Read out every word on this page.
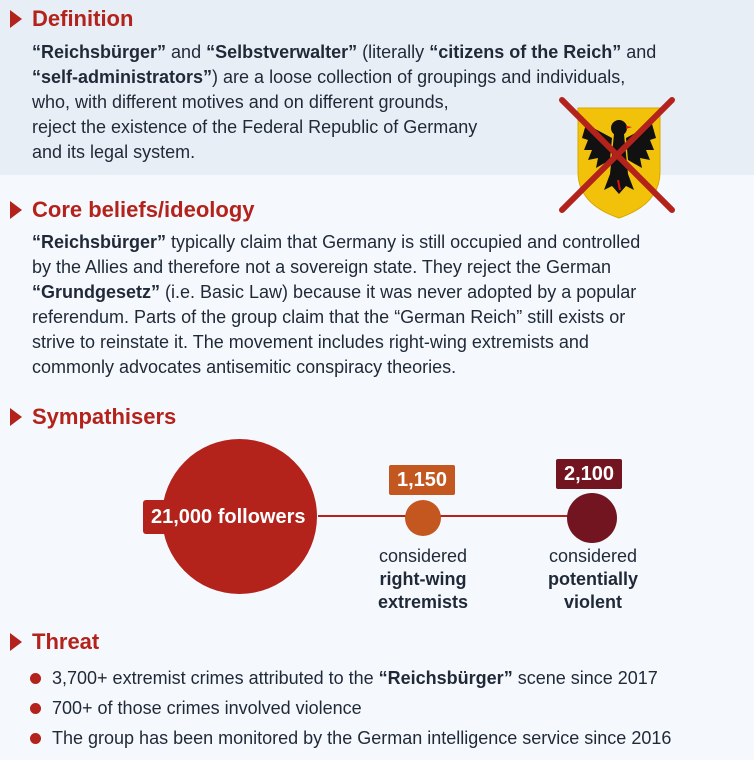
Definition
“Reichsbürger” and “Selbstverwalter” (literally “citizens of the Reich” and
“self-administrators”) are a loose collection of groupings and individuals,
who, with different motives and on different grounds,
reject the existence of the Federal Republic of Germany
and its legal system.
Core beliefs/ideology
“Reichsbürger” typically claim that Germany is still occupied and controlled
by the Allies and therefore not a sovereign state. They reject the German
“Grundgesetz” (i.e. Basic Law) because it was never adopted by a popular
referendum. Parts of the group claim that the “German Reich” still exists or
strive to reinstate it. The movement includes right-wing extremists and
commonly advocates antisemitic conspiracy theories.
Sympathisers
21,000 followers
1,150
considered
right-wing
extremists
2,100
considered
potentially
violent
Threat
3,700+ extremist crimes attributed to the “Reichsbürger” scene since 2017
700+ of those crimes involved violence
The group has been monitored by the German intelligence service since 2016
